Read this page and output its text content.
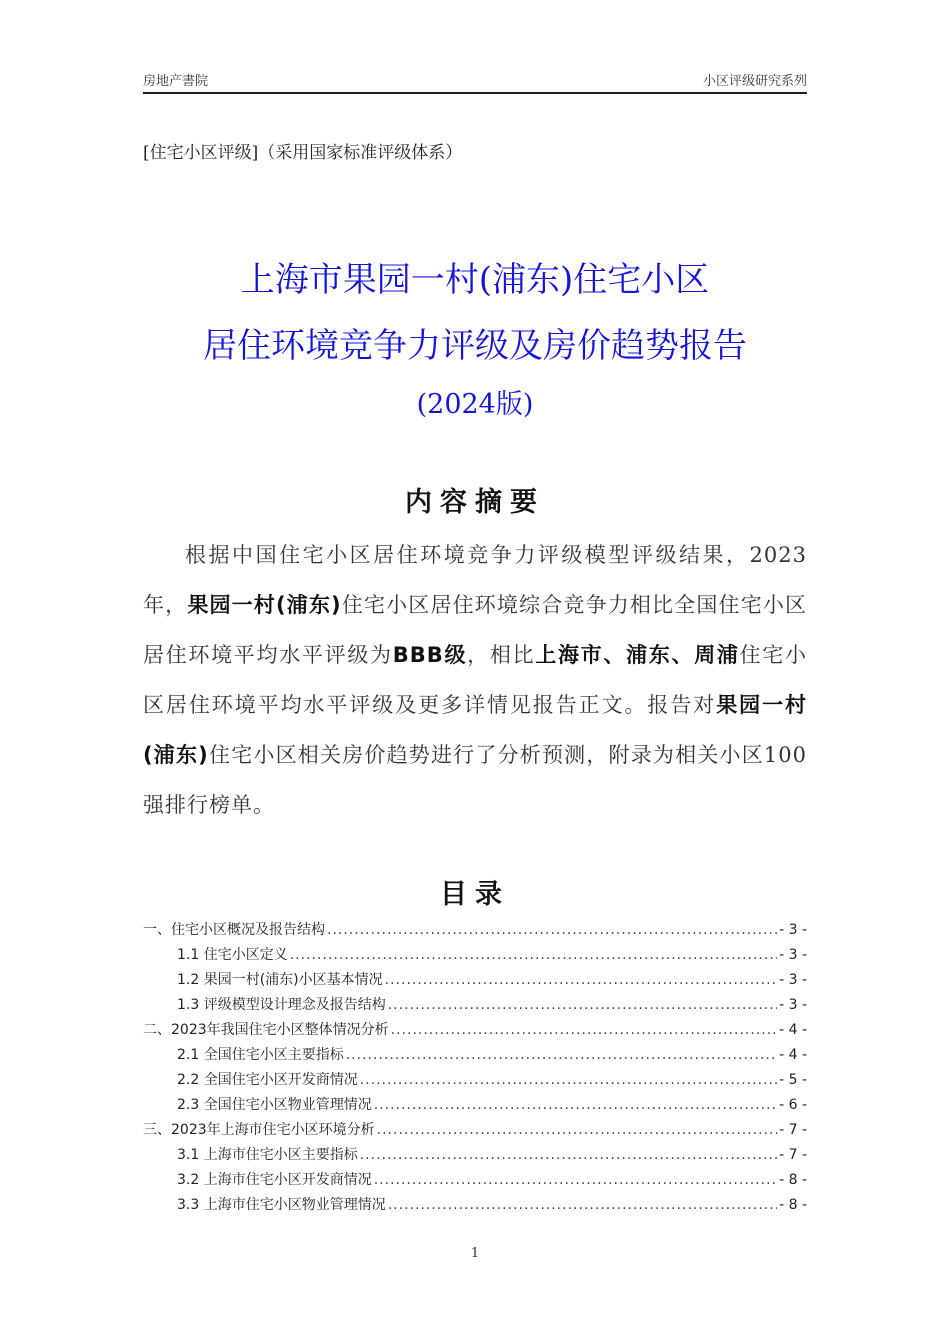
房地产書院	小区评级研究系列
[住宅小区评级]（采用国家标准评级体系）
上海市果园一村(浦东)住宅小区
居住环境竞争力评级及房价趋势报告
(2024版)
内容摘要

根据中国住宅小区居住环境竞争力评级模型评级结果，2023年，果园一村(浦东)住宅小区居住环境综合竞争力相比全国住宅小区居住环境平均水平评级为BBB级，相比上海市、浦东、周浦住宅小区居住环境平均水平评级及更多详情见报告正文。报告对果园一村(浦东)住宅小区相关房价趋势进行了分析预测，附录为相关小区100强排行榜单。

目录
一、住宅小区概况及报告结构 .....	- 3 -
1.1 住宅小区定义 .....	- 3 -
1.2 果园一村(浦东)小区基本情况 .....	- 3 -
1.3 评级模型设计理念及报告结构 .....	- 3 -
二、2023年我国住宅小区整体情况分析 .....	- 4 -
2.1 全国住宅小区主要指标 .....	- 4 -
2.2 全国住宅小区开发商情况 .....	- 5 -
2.3 全国住宅小区物业管理情况 .....	- 6 -
三、2023年上海市住宅小区环境分析 .....	- 7 -
3.1 上海市住宅小区主要指标 .....	- 7 -
3.2 上海市住宅小区开发商情况 .....	- 8 -
3.3 上海市住宅小区物业管理情况 .....	- 8 -
1
